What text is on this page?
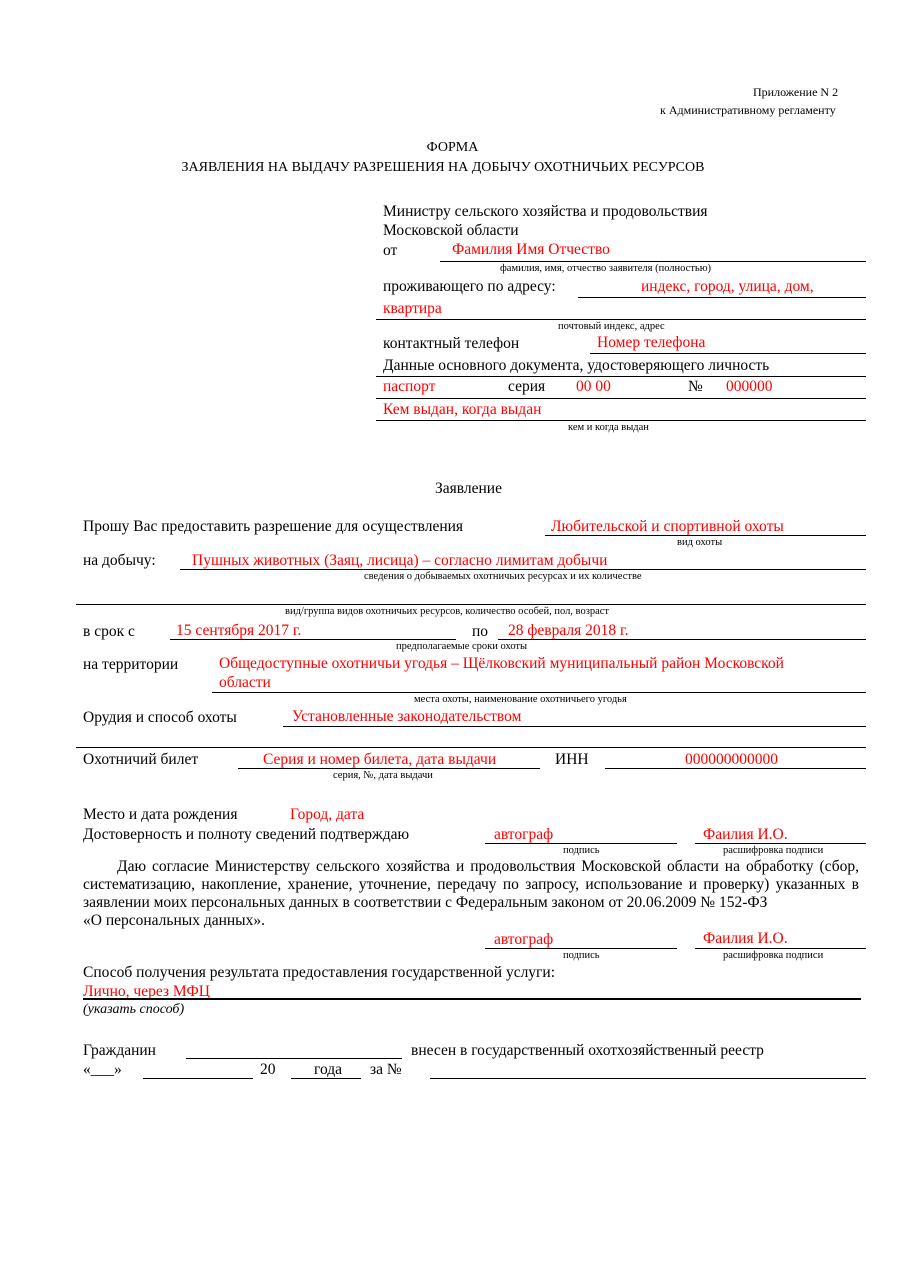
Приложение N 2
к Административному регламенту
ФОРМА
ЗАЯВЛЕНИЯ НА ВЫДАЧУ РАЗРЕШЕНИЯ НА ДОБЫЧУ ОХОТНИЧЬИХ РЕСУРСОВ
Министру сельского хозяйства и продовольствия
Московской области
от	Фамилия Имя Отчество
фамилия, имя, отчество заявителя (полностью)
проживающего по адресу:	индекс, город, улица, дом,
квартира
почтовый индекс, адрес
контактный телефон	Номер телефона
Данные основного документа, удостоверяющего личность
паспорт	серия 00 00	№ 000000
Кем выдан, когда выдан
кем и когда выдан
Заявление
Прошу Вас предоставить разрешение для осуществления	Любительской и спортивной охоты
вид охоты
на добычу: Пушных животных (Заяц, лисица) – согласно лимитам добычи
сведения о добываемых охотничьих ресурсах и их количестве
вид/группа видов охотничьих ресурсов, количество особей, пол, возраст
в срок с	15 сентября 2017 г.	по 28 февраля 2018 г.
предполагаемые сроки охоты
на территории	Общедоступные охотничьи угодья – Щёлковский муниципальный район Московской
области
места охоты, наименование охотничьего угодья
Орудия и способ охоты	Установленные законодательством
Охотничий билет	Серия и номер билета, дата выдачи	ИНН	000000000000
серия, №, дата выдачи
Место и дата рождения	Город, дата
Достоверность и полноту сведений подтверждаю	автограф
подпись
Фаилия И.О.
расшифровка подписи
Даю согласие Министерству сельского хозяйства и продовольствия Московской области на обработку (сбор, систематизацию, накопление, хранение, уточнение, передачу по запросу, использование и проверку) указанных в заявлении моих персональных данных в соответствии с Федеральным законом от 20.06.2009 № 152-ФЗ
«О персональных данных».
автограф
подпись
Фаилия И.О.
расшифровка подписи
Способ получения результата предоставления государственной услуги:
Лично, через МФЦ
(указать способ)
Гражданин	внесен в государственный охотхозяйственный реестр
«___»	20 года за №
